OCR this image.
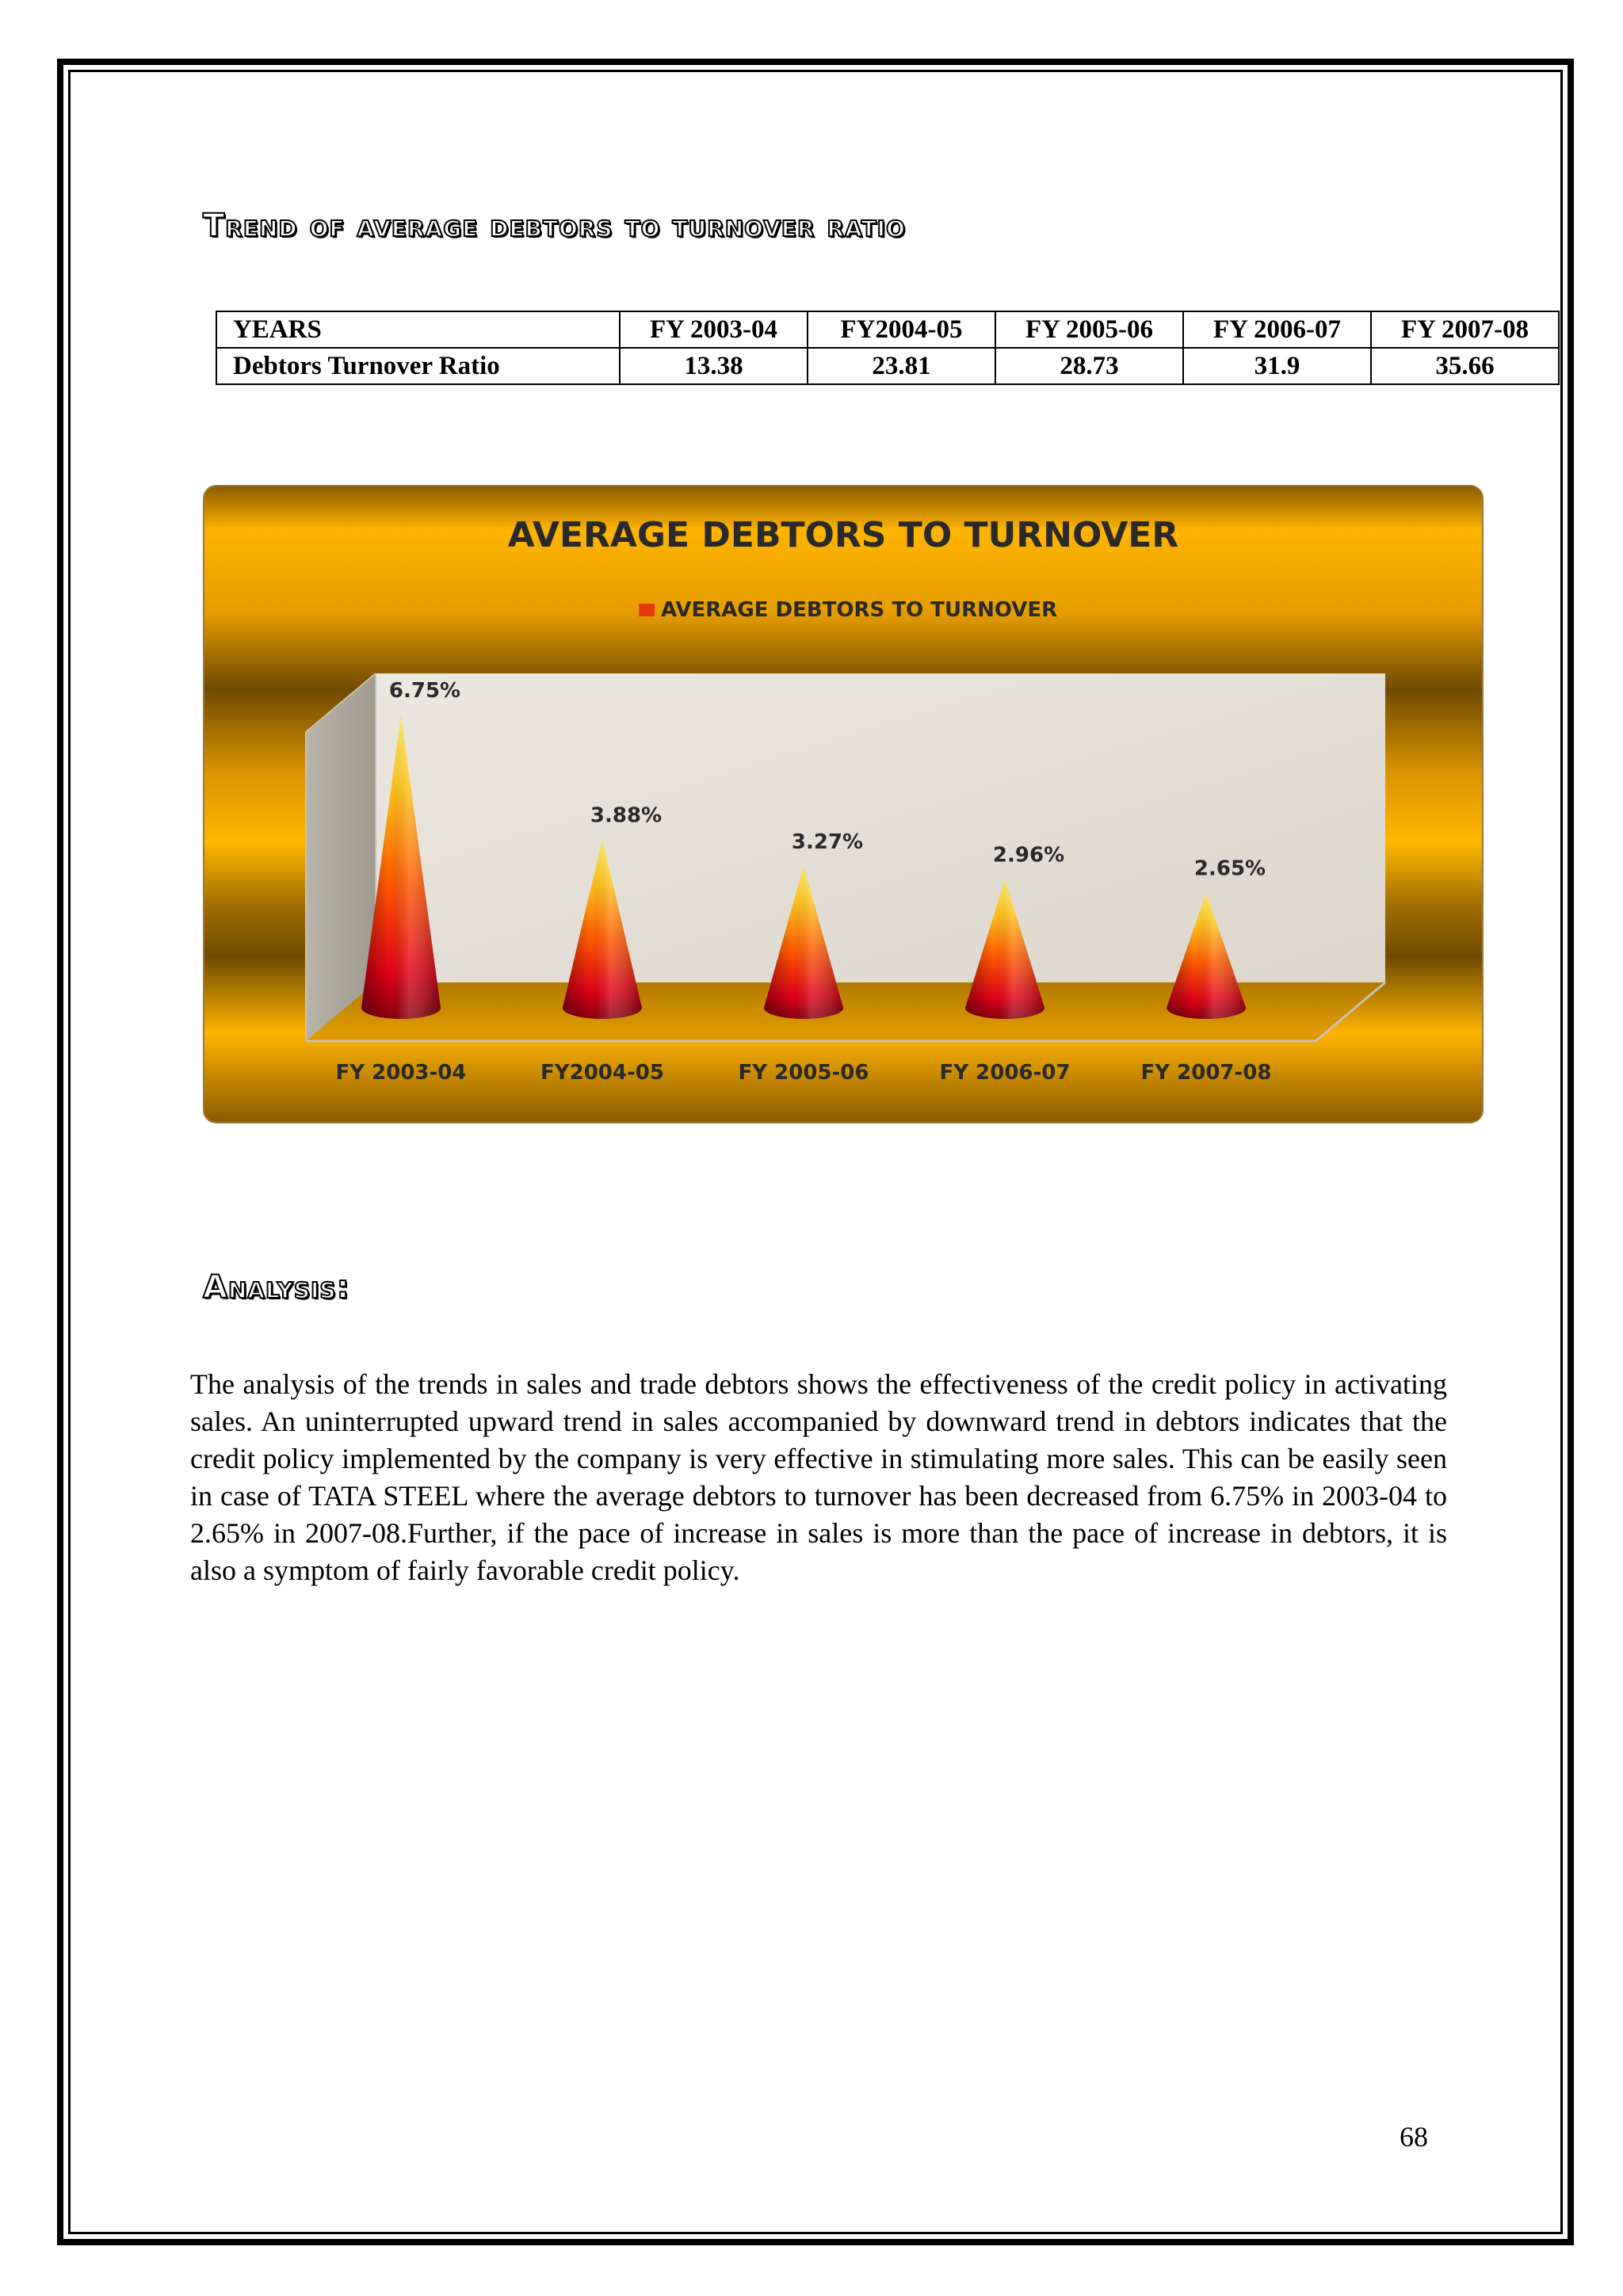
Trend of average debtors to turnover ratio
YEARS	FY 2003-04	FY2004-05	FY 2005-06	FY 2006-07	FY 2007-08
Debtors Turnover Ratio	13.38	23.81	28.73	31.9	35.66
AVERAGE DEBTORS TO TURNOVER
AVERAGE DEBTORS TO TURNOVER
6.75%
FY 2003-04
3.88%
FY2004-05
3.27%
FY 2005-06
2.96%
FY 2006-07
2.65%
FY 2007-08
Analysis:

The analysis of the trends in sales and trade debtors shows the effectiveness of the credit policy in activating sales. An uninterrupted upward trend in sales accompanied by downward trend in debtors indicates that the credit policy implemented by the company is very effective in stimulating more sales. This can be easily seen in case of TATA STEEL where the average debtors to turnover has been decreased from 6.75% in 2003-04 to 2.65% in 2007-08.Further, if the pace of increase in sales is more than the pace of increase in debtors, it is also a symptom of fairly favorable credit policy.

68
